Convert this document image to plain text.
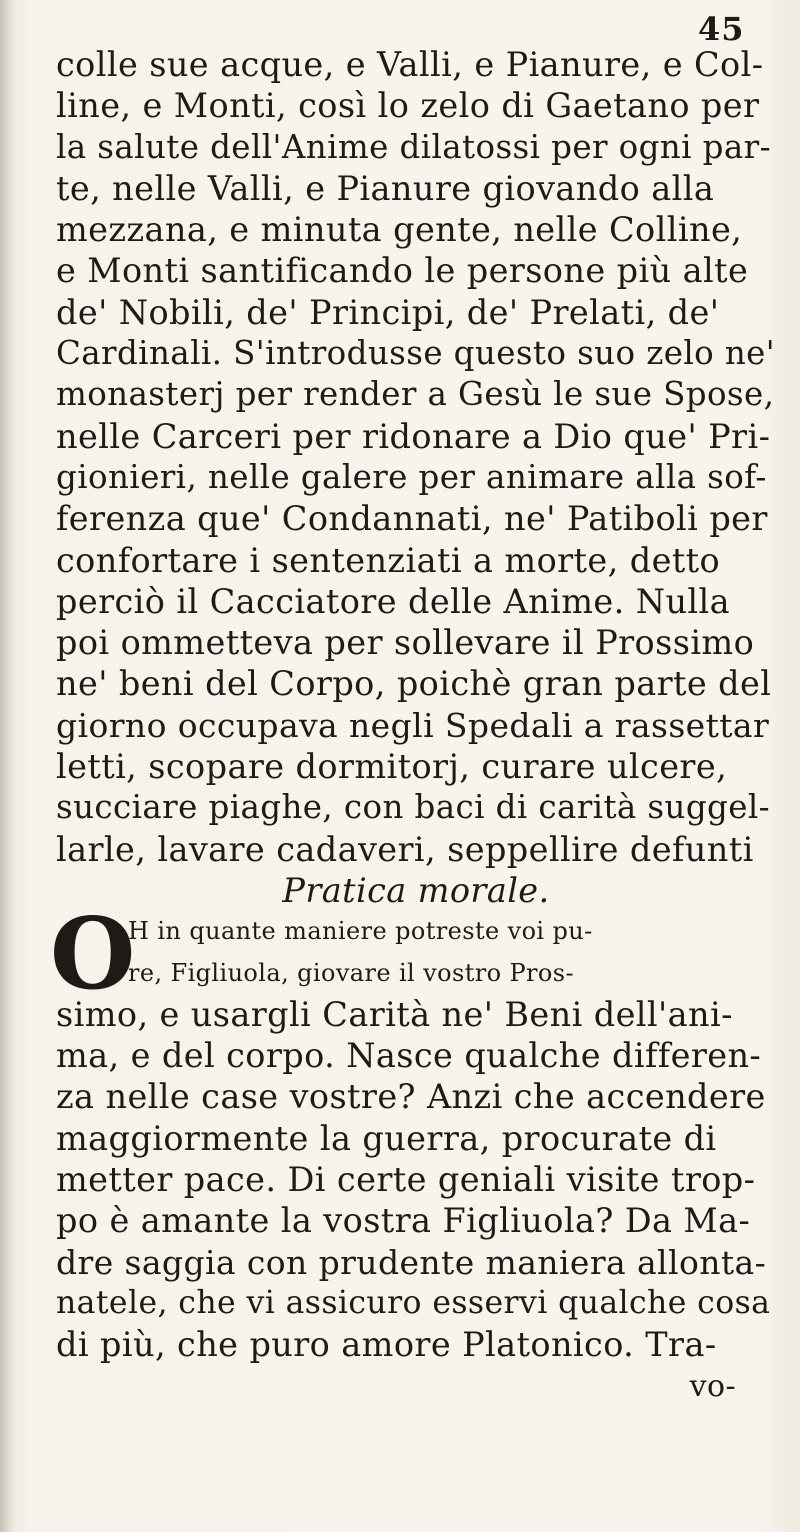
45
colle sue acque, e Valli, e Pianure, e Col-
line, e Monti, così lo zelo di Gaetano per
la salute dell'Anime dilatossi per ogni par-
te, nelle Valli, e Pianure giovando alla
mezzana, e minuta gente, nelle Colline,
e Monti santificando le persone più alte
de' Nobili, de' Principi, de' Prelati, de'
Cardinali. S'introdusse questo suo zelo ne'
monasterj per render a Gesù le sue Spose,
nelle Carceri per ridonare a Dio que' Pri-
gionieri, nelle galere per animare alla sof-
ferenza que' Condannati, ne' Patiboli per
confortare i sentenziati a morte, detto
perciò il Cacciatore delle Anime. Nulla
poi ommetteva per sollevare il Prossimo
ne' beni del Corpo, poichè gran parte del
giorno occupava negli Spedali a rassettar
letti, scopare dormitorj, curare ulcere,
succiare piaghe, con baci di carità suggel-
larle, lavare cadaveri, seppellire defunti
Pratica morale.
O
H in quante maniere potreste voi pu-
re, Figliuola, giovare il vostro Pros-
simo, e usargli Carità ne' Beni dell'ani-
ma, e del corpo. Nasce qualche differen-
za nelle case vostre? Anzi che accendere
maggiormente la guerra, procurate di
metter pace. Di certe geniali visite trop-
po è amante la vostra Figliuola? Da Ma-
dre saggia con prudente maniera allonta-
natele, che vi assicuro esservi qualche cosa
di più, che puro amore Platonico. Tra-
vo-
